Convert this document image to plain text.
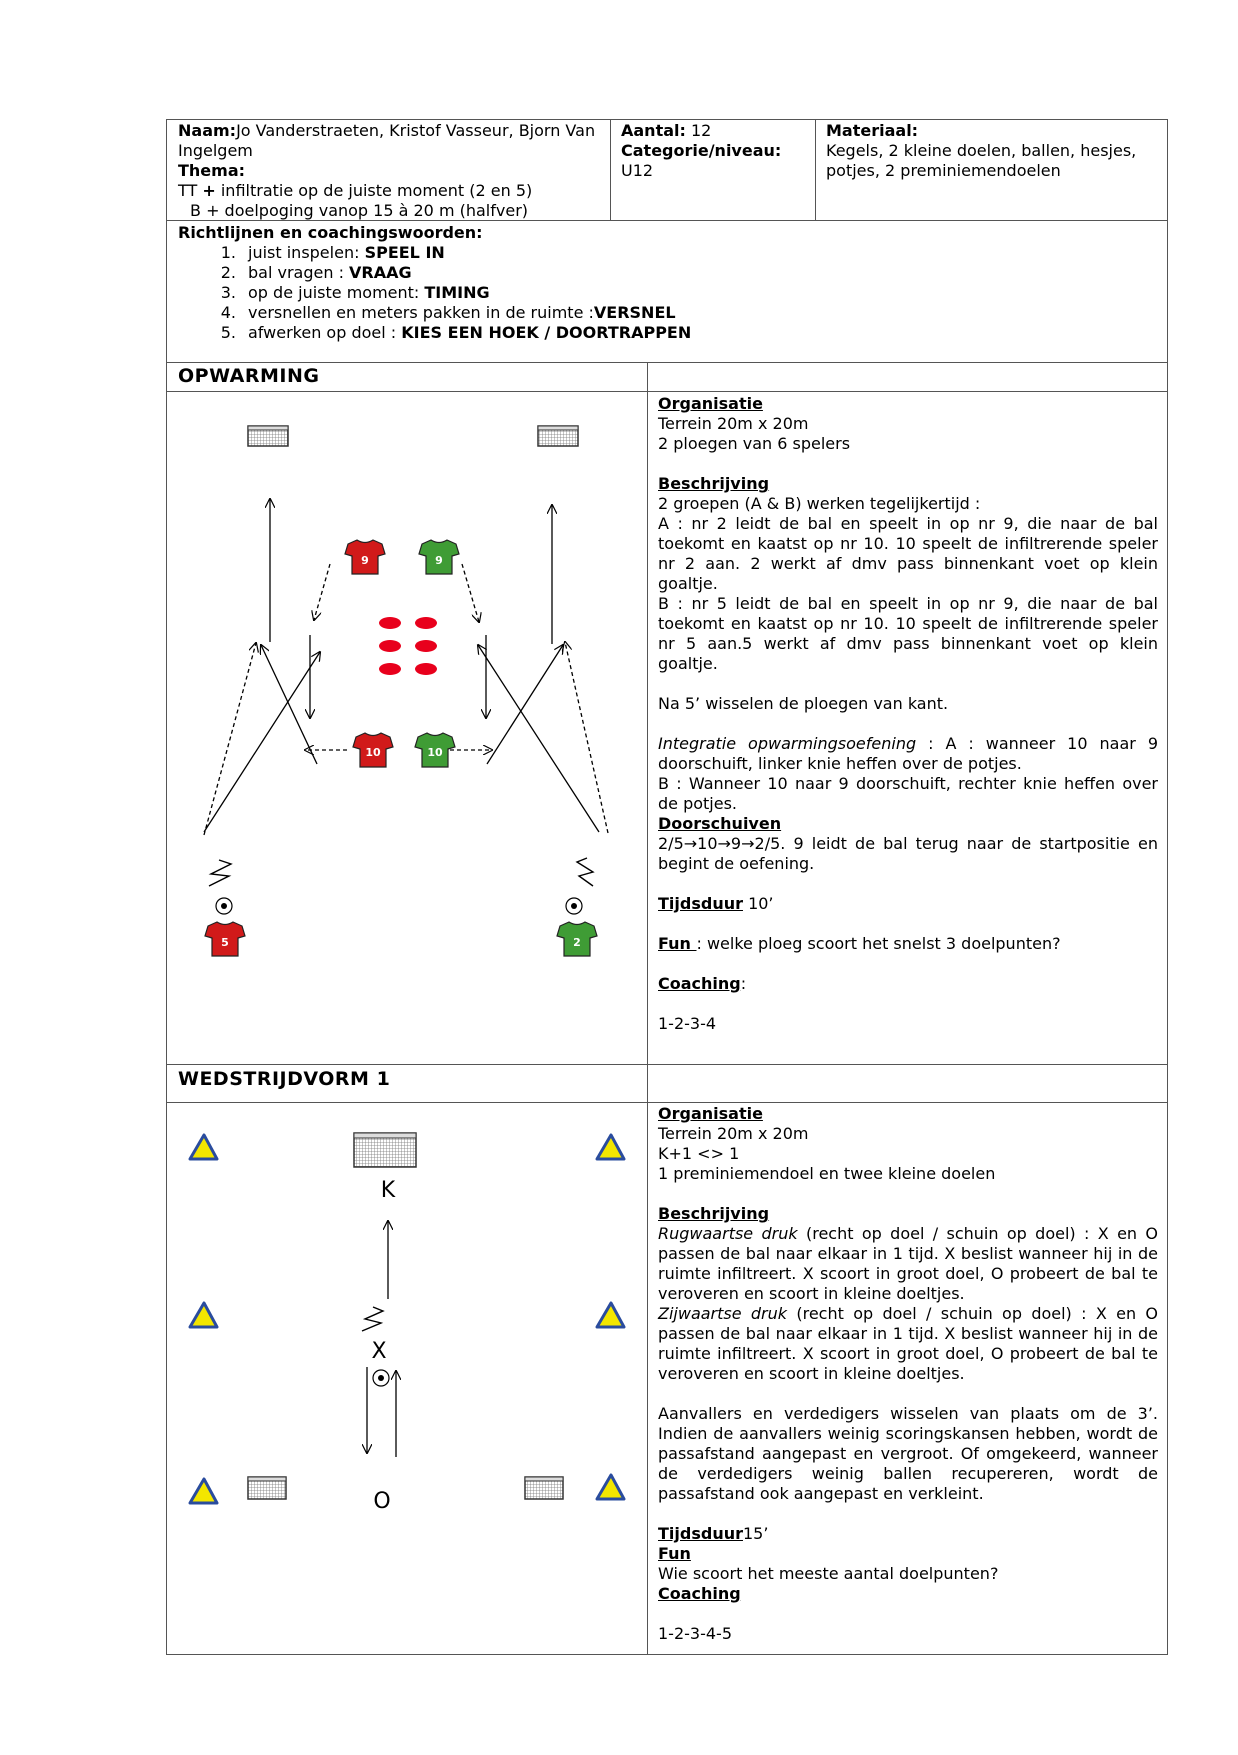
Naam:Jo Vanderstraeten, Kristof Vasseur, Bjorn Van Ingelgem

Thema:

TT + infiltratie op de juiste moment (2 en 5)

B + doelpoging vanop 15 à 20 m (halfver)

Aantal: 12

Categorie/niveau:

U12

Materiaal:

Kegels, 2 kleine doelen, ballen, hesjes, potjes, 2 preminiemendoelen

Richtlijnen en coachingswoorden:

1. juist inspelen: SPEEL IN
2. bal vragen : VRAAG
3. op de juiste moment: TIMING
4. versnellen en meters pakken in de ruimte :VERSNEL
5. afwerken op doel : KIES EEN HOEK / DOORTRAPPEN
OPWARMING

Organisatie

Terrein 20m x 20m

2 ploegen van 6 spelers

Beschrijving

2 groepen (A & B) werken tegelijkertijd :

A : nr 2 leidt de bal en speelt in op nr 9, die naar de bal toekomt en kaatst op nr 10. 10 speelt de infiltrerende speler nr 2 aan. 2 werkt af dmv pass binnenkant voet op klein goaltje.

B : nr 5 leidt de bal en speelt in op nr 9, die naar de bal toekomt en kaatst op nr 10. 10 speelt de infiltrerende speler nr 5 aan.5 werkt af dmv pass binnenkant voet op klein goaltje.

Na 5’ wisselen de ploegen van kant.

Integratie opwarmingsoefening : A : wanneer 10 naar 9 doorschuift, linker knie heffen over de potjes.

B : Wanneer 10 naar 9 doorschuift, rechter knie heffen over de potjes.

Doorschuiven

2/5→10→9→2/5. 9 leidt de bal terug naar de startpositie en begint de oefening.

Tijdsduur 10’

Fun : welke ploeg scoort het snelst 3 doelpunten?

Coaching:

1-2-3-4

9	9
10	10
5	2
WEDSTRIJDVORM 1

Organisatie

Terrein 20m x 20m

K+1 <> 1

1 preminiemendoel en twee kleine doelen

Beschrijving

Rugwaartse druk (recht op doel / schuin op doel) : X en O passen de bal naar elkaar in 1 tijd. X beslist wanneer hij in de ruimte infiltreert. X scoort in groot doel, O probeert de bal te veroveren en scoort in kleine doeltjes.

Zijwaartse druk (recht op doel / schuin op doel) : X en O passen de bal naar elkaar in 1 tijd. X beslist wanneer hij in de ruimte infiltreert. X scoort in groot doel, O probeert de bal te veroveren en scoort in kleine doeltjes.

Aanvallers en verdedigers wisselen van plaats om de 3’. Indien de aanvallers weinig scoringskansen hebben, wordt de passafstand aangepast en vergroot. Of omgekeerd, wanneer de verdedigers weinig ballen recupereren, wordt de passafstand ook aangepast en verkleint.

Tijdsduur15’

Fun

Wie scoort het meeste aantal doelpunten?

Coaching

1-2-3-4-5

K
X
O
